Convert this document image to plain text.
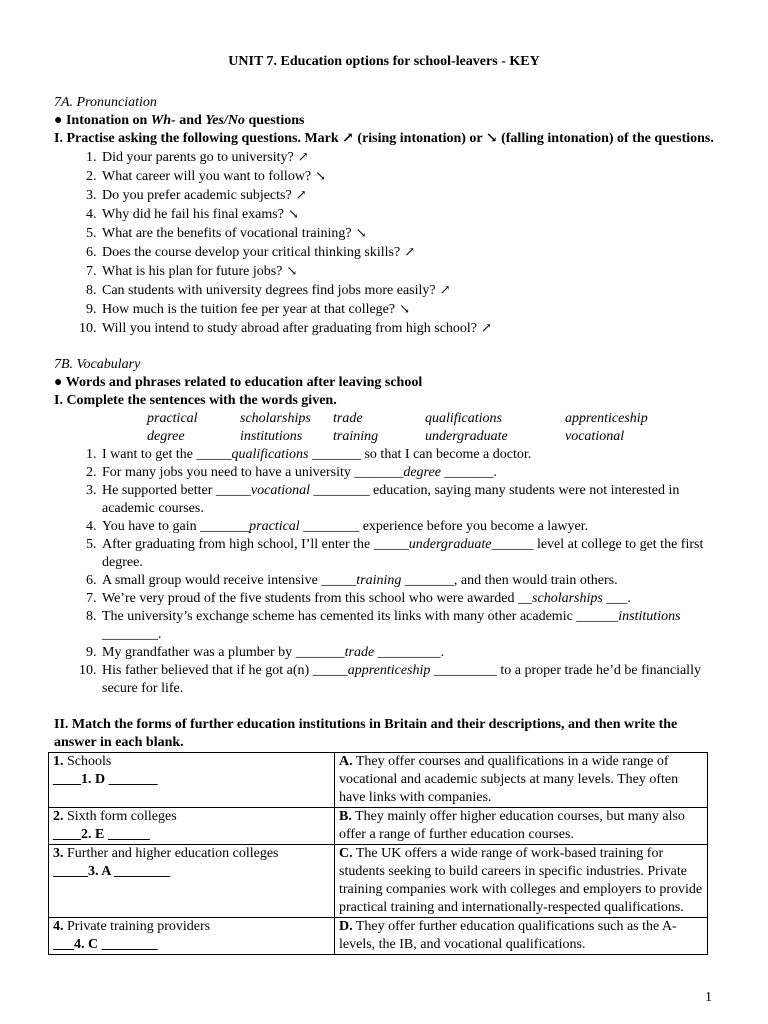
UNIT 7. Education options for school-leavers - KEY
7A. Pronunciation
● Intonation on Wh- and Yes/No questions
I. Practise asking the following questions. Mark ↗ (rising intonation) or ↘ (falling intonation) of the questions.
1. Did your parents go to university? ↗
2. What career will you want to follow? ↘
3. Do you prefer academic subjects? ↗
4. Why did he fail his final exams? ↘
5. What are the benefits of vocational training? ↘
6. Does the course develop your critical thinking skills? ↗
7. What is his plan for future jobs? ↘
8. Can students with university degrees find jobs more easily? ↗
9. How much is the tuition fee per year at that college? ↘
10. Will you intend to study abroad after graduating from high school? ↗
7B. Vocabulary
● Words and phrases related to education after leaving school
I. Complete the sentences with the words given.
practical	scholarships	trade	qualifications	apprenticeship
degree	institutions	training	undergraduate	vocational
1. I want to get the _____qualifications _______ so that I can become a doctor.
2. For many jobs you need to have a university _______degree _______.
3. He supported better _____vocational ________ education, saying many students were not interested in academic courses.
4. You have to gain _______practical ________ experience before you become a lawyer.
5. After graduating from high school, I’ll enter the _____undergraduate______ level at college to get the first degree.
6. A small group would receive intensive _____training _______, and then would train others.
7. We’re very proud of the five students from this school who were awarded __scholarships ___.
8. The university’s exchange scheme has cemented its links with many other academic ______institutions ________.
9. My grandfather was a plumber by _______trade _________.
10. His father believed that if he got a(n) _____apprenticeship _________ to a proper trade he’d be financially secure for life.
II. Match the forms of further education institutions in Britain and their descriptions, and then write the answer in each blank.
1. Schools
____1. D _______	A. They offer courses and qualifications in a wide range of vocational and academic subjects at many levels. They often have links with companies.
2. Sixth form colleges
____2. E ______	B. They mainly offer higher education courses, but many also offer a range of further education courses.
3. Further and higher education colleges
_____3. A ________	C. The UK offers a wide range of work-based training for students seeking to build careers in specific industries. Private training companies work with colleges and employers to provide practical training and internationally-respected qualifications.
4. Private training providers
___4. C ________	D. They offer further education qualifications such as the A-levels, the IB, and vocational qualifications.
1
